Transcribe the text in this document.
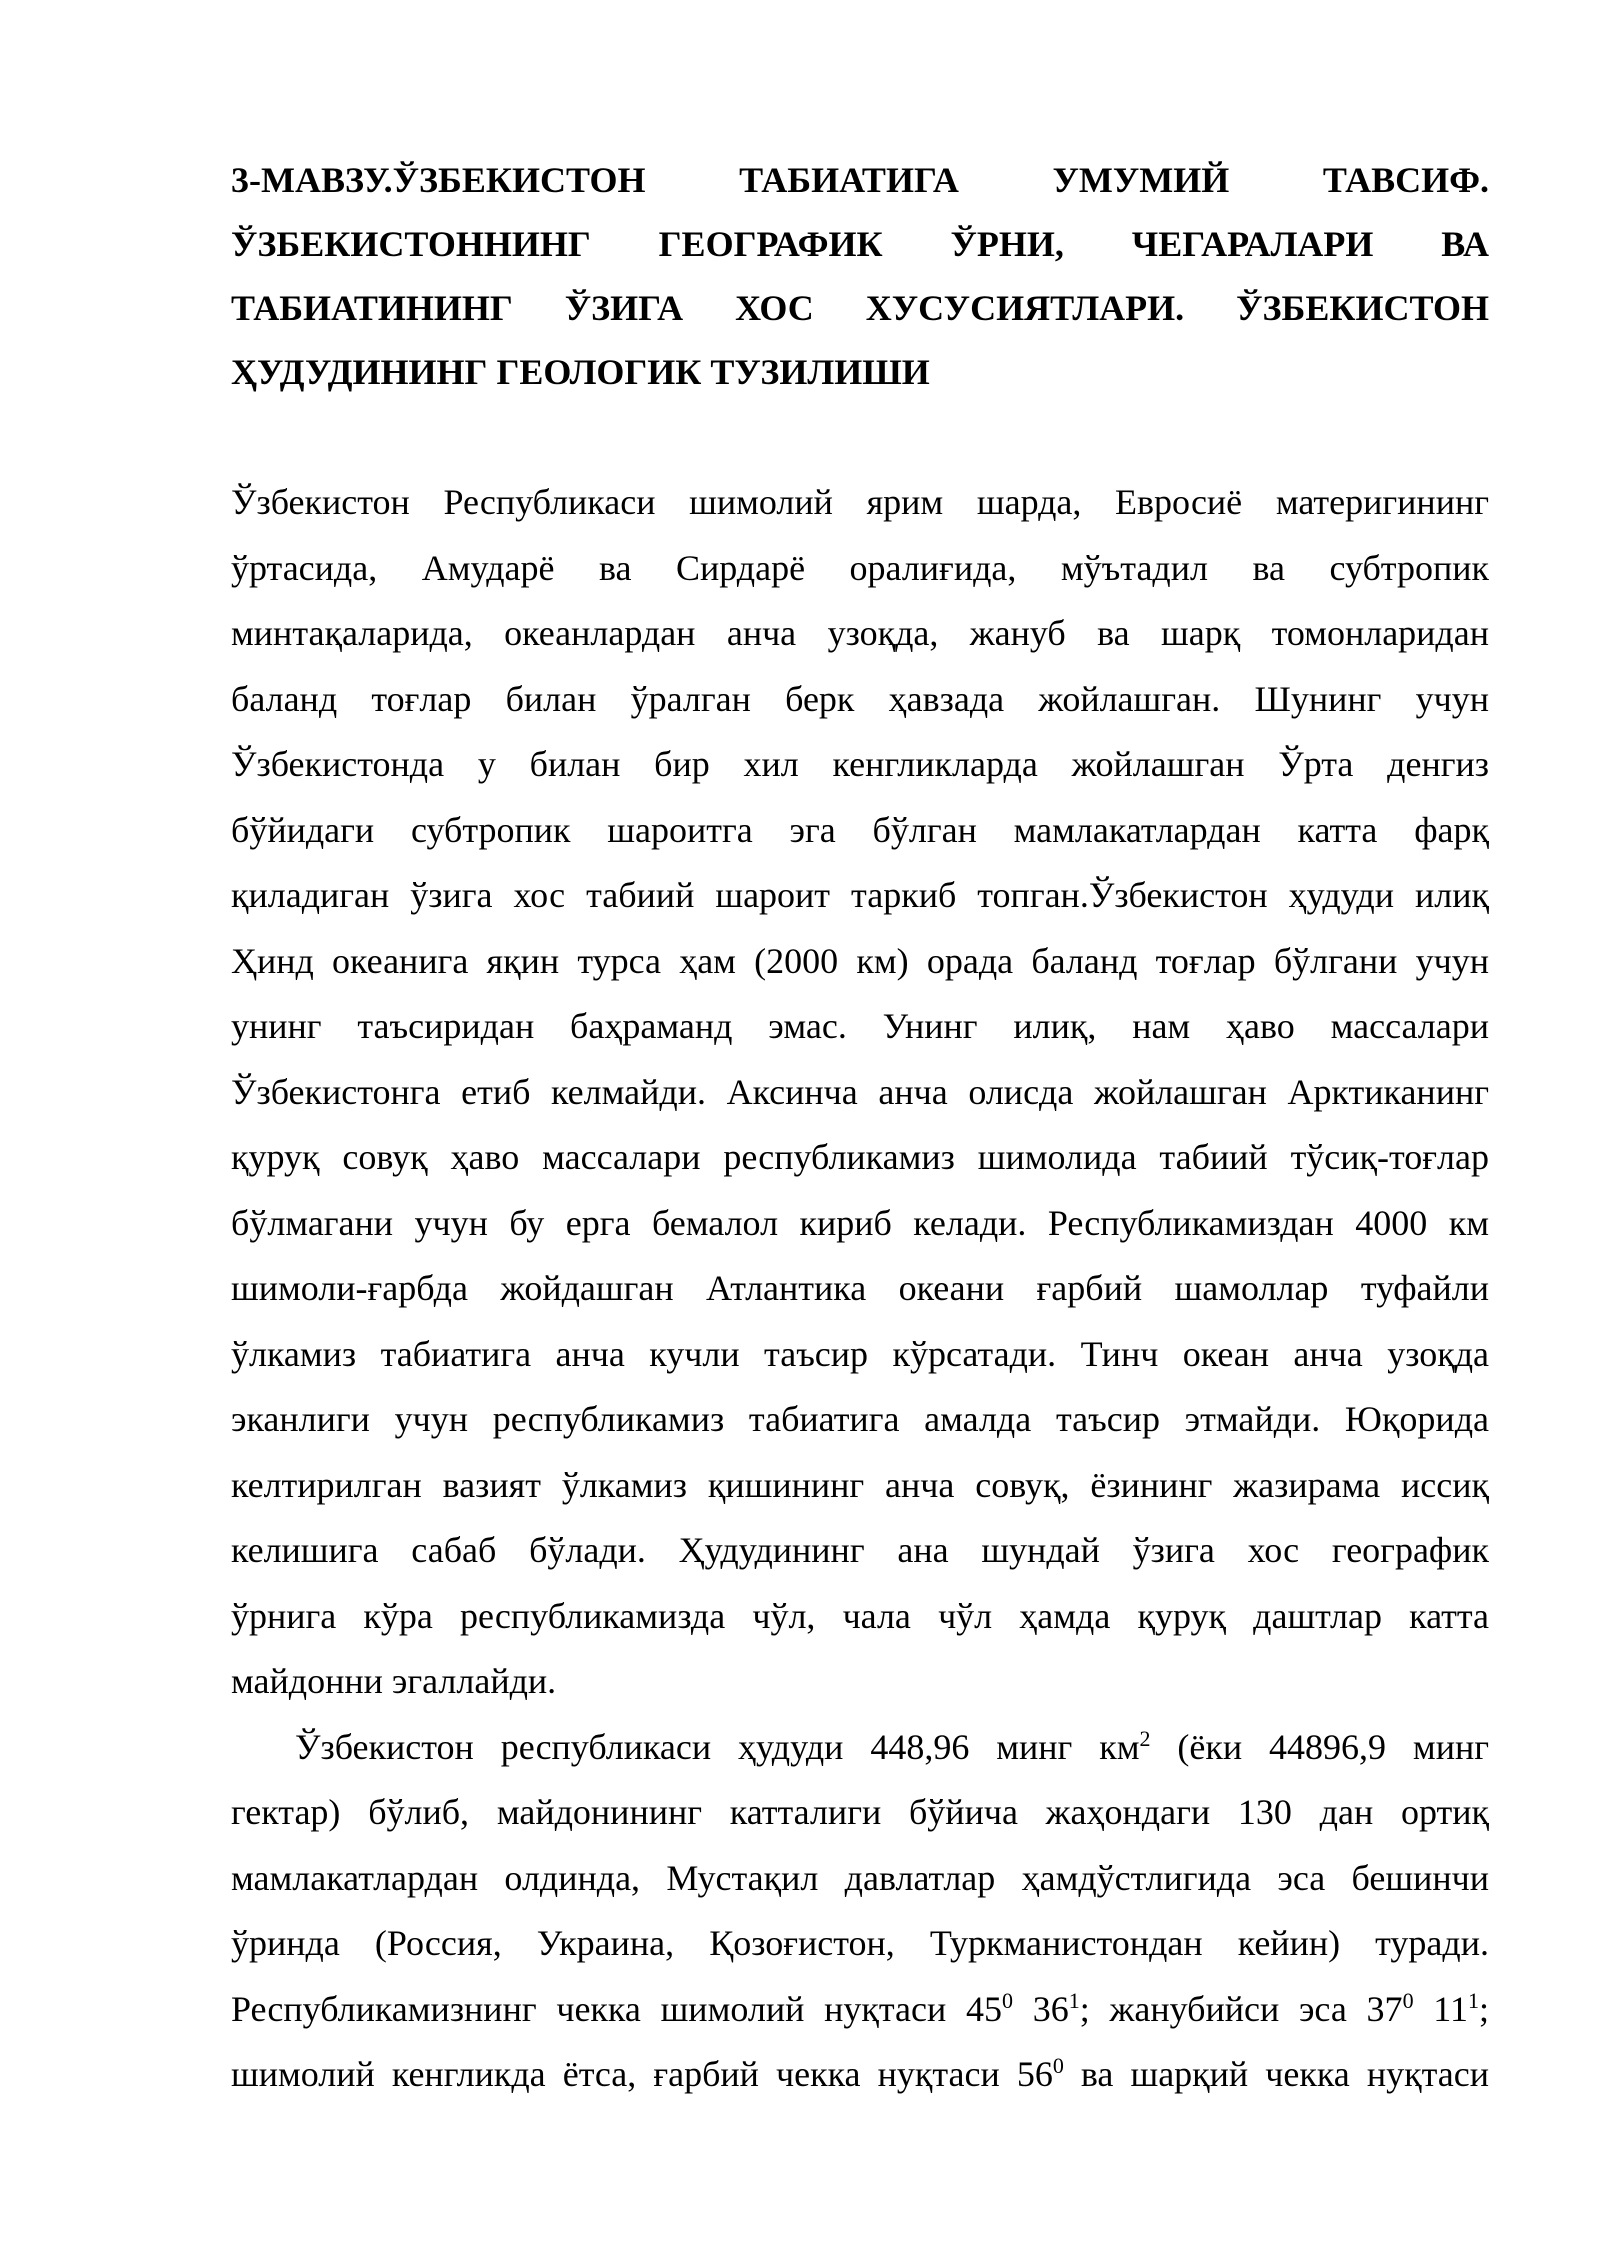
3-МАВЗУ.ЎЗБЕКИСТОН ТАБИАТИГА УМУМИЙ ТАВСИФ.
ЎЗБЕКИСТОННИНГ ГЕОГРАФИК ЎРНИ, ЧЕГАРАЛАРИ ВА
ТАБИАТИНИНГ ЎЗИГА ХОС ХУСУСИЯТЛАРИ. ЎЗБЕКИСТОН
ҲУДУДИНИНГ ГЕОЛОГИК ТУЗИЛИШИ
Ўзбекистон Республикаси шимолий ярим шарда, Евросиё материгининг
ўртасида, Амударё ва Сирдарё оралиғида, мўътадил ва субтропик
минтақаларида, океанлардан анча узоқда, жануб ва шарқ томонларидан
баланд тоғлар билан ўралган берк ҳавзада жойлашган. Шунинг учун
Ўзбекистонда у билан бир хил кенгликларда жойлашган Ўрта денгиз
бўйидаги субтропик шароитга эга бўлган мамлакатлардан катта фарқ
қиладиган ўзига хос табиий шароит таркиб топган.Ўзбекистон ҳудуди илиқ
Ҳинд океанига яқин турса ҳам (2000 км) орада баланд тоғлар бўлгани учун
унинг таъсиридан баҳраманд эмас. Унинг илиқ, нам ҳаво массалари
Ўзбекистонга етиб келмайди. Аксинча анча олисда жойлашган Арктиканинг
қуруқ совуқ ҳаво массалари республикамиз шимолида табиий тўсиқ-тоғлар
бўлмагани учун бу ерга бемалол кириб келади. Республикамиздан 4000 км
шимоли-ғарбда жойдашган Атлантика океани ғарбий шамоллар туфайли
ўлкамиз табиатига анча кучли таъсир кўрсатади. Тинч океан анча узоқда
эканлиги учун республикамиз табиатига амалда таъсир этмайди. Юқорида
келтирилган вазият ўлкамиз қишининг анча совуқ, ёзининг жазирама иссиқ
келишига сабаб бўлади. Ҳудудининг ана шундай ўзига хос географик
ўрнига кўра республикамизда чўл, чала чўл ҳамда қуруқ даштлар катта
майдонни эгаллайди.
Ўзбекистон республикаси ҳудуди 448,96 минг $км^2$ (ёки 44896,9 минг
гектар) бўлиб, майдонининг катталиги бўйича жаҳондаги 130 дан ортиқ
мамлакатлардан олдинда, Мустақил давлатлар ҳамдўстлигида эса бешинчи
ўринда (Россия, Украина, Қозоғистон, Туркманистондан кейин) туради.
Республикамизнинг чекка шимолий нуқтаси $45^0$ $36^1$; жанубийси эса $37^0$ $11^1$;
шимолий кенгликда ётса, ғарбий чекка нуқтаси $56^0$ ва шарқий чекка нуқтаси
